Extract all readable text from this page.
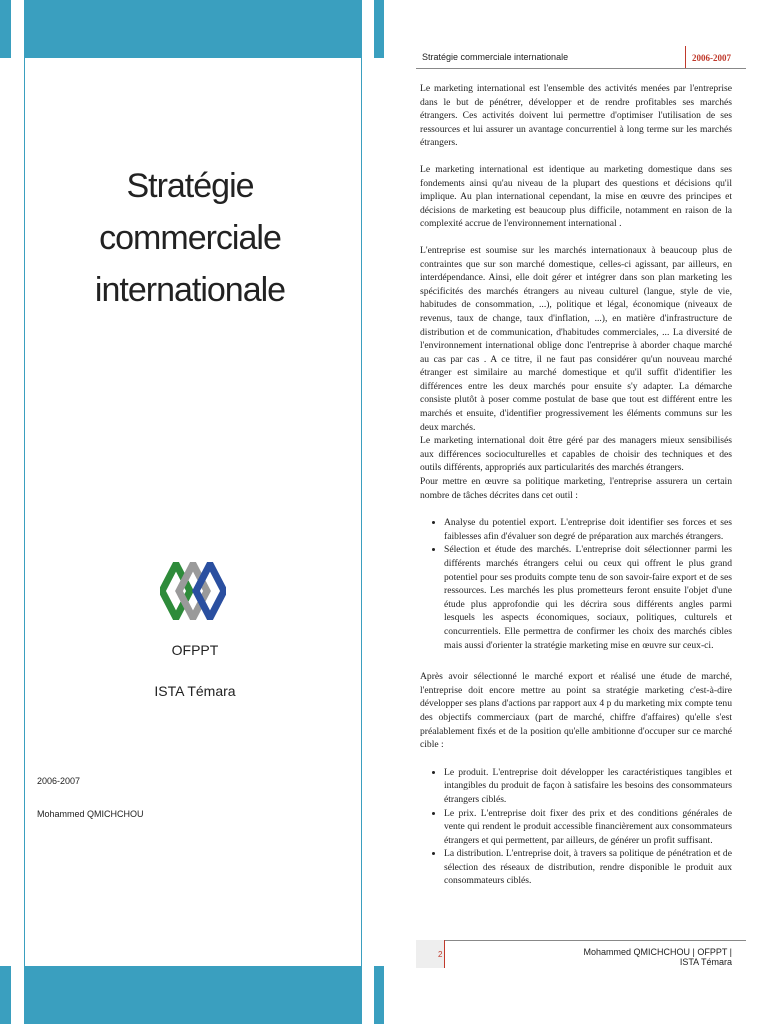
Stratégie commerciale
internationale
OFPPT
ISTA Témara
2006-2007
Mohammed QMICHCHOU
Stratégie commerciale internationale	2006-2007

Le marketing international est l'ensemble des activités menées par l'entreprise dans le but de pénétrer, développer et de rendre profitables ses marchés étrangers. Ces activités doivent lui permettre d'optimiser l'utilisation de ses ressources et lui assurer un avantage concurrentiel à long terme sur les marchés étrangers.

Le marketing international est identique au marketing domestique dans ses fondements ainsi qu'au niveau de la plupart des questions et décisions qu'il implique. Au plan international cependant, la mise en œuvre des principes et décisions de marketing est beaucoup plus difficile, notamment en raison de la complexité accrue de l'environnement international .

L'entreprise est soumise sur les marchés internationaux à beaucoup plus de contraintes que sur son marché domestique, celles-ci agissant, par ailleurs, en interdépendance. Ainsi, elle doit gérer et intégrer dans son plan marketing les spécificités des marchés étrangers au niveau culturel (langue, style de vie, habitudes de consommation, ...), politique et légal, économique (niveaux de revenus, taux de change, taux d'inflation, ...), en matière d'infrastructure de distribution et de communication, d'habitudes commerciales, ... La diversité de l'environnement international oblige donc l'entreprise à aborder chaque marché au cas par cas . A ce titre, il ne faut pas considérer qu'un nouveau marché étranger est similaire au marché domestique et qu'il suffit d'identifier les différences entre les deux marchés pour ensuite s'y adapter. La démarche consiste plutôt à poser comme postulat de base que tout est différent entre les marchés et ensuite, d'identifier progressivement les éléments communs sur les deux marchés.

Le marketing international doit être géré par des managers mieux sensibilisés aux différences socioculturelles et capables de choisir des techniques et des outils différents, appropriés aux particularités des marchés étrangers.

Pour mettre en œuvre sa politique marketing, l'entreprise assurera un certain nombre de tâches décrites dans cet outil :

• Analyse du potentiel export. L'entreprise doit identifier ses forces et ses faiblesses afin d'évaluer son degré de préparation aux marchés étrangers.
• Sélection et étude des marchés. L'entreprise doit sélectionner parmi les différents marchés étrangers celui ou ceux qui offrent le plus grand potentiel pour ses produits compte tenu de son savoir-faire export et de ses ressources. Les marchés les plus prometteurs feront ensuite l'objet d'une étude plus approfondie qui les décrira sous différents angles parmi lesquels les aspects économiques, sociaux, politiques, culturels et concurrentiels. Elle permettra de confirmer les choix des marchés cibles mais aussi d'orienter la stratégie marketing mise en œuvre sur ceux-ci.

Après avoir sélectionné le marché export et réalisé une étude de marché, l'entreprise doit encore mettre au point sa stratégie marketing c'est-à-dire développer ses plans d'actions par rapport aux 4 p du marketing mix compte tenu des objectifs commerciaux (part de marché, chiffre d'affaires) qu'elle s'est préalablement fixés et de la position qu'elle ambitionne d'occuper sur ce marché cible :

• Le produit. L'entreprise doit développer les caractéristiques tangibles et intangibles du produit de façon à satisfaire les besoins des consommateurs étrangers ciblés.
• Le prix. L'entreprise doit fixer des prix et des conditions générales de vente qui rendent le produit accessible financièrement aux consommateurs étrangers et qui permettent, par ailleurs, de générer un profit suffisant.
• La distribution. L'entreprise doit, à travers sa politique de pénétration et de sélection des réseaux de distribution, rendre disponible le produit aux consommateurs ciblés.
2	Mohammed QMICHCHOU | OFPPT | ISTA Témara
